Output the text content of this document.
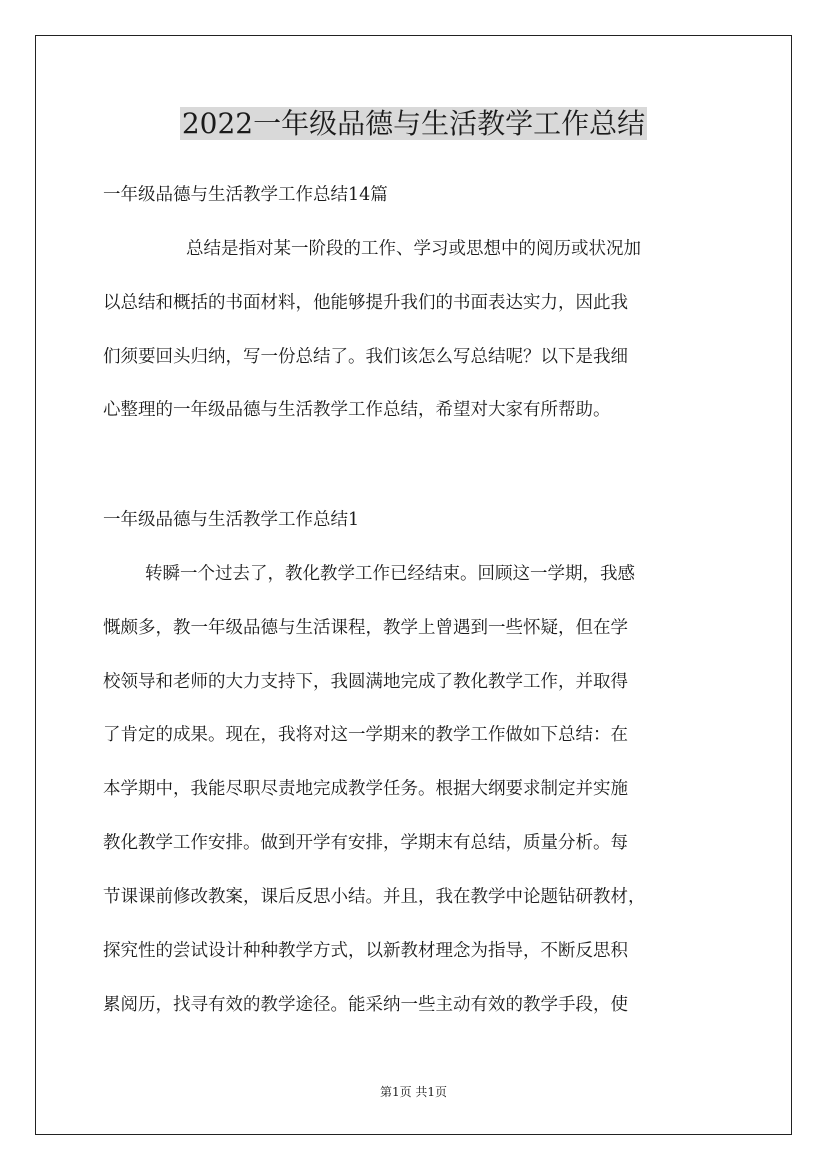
2022一年级品德与生活教学工作总结
一年级品德与生活教学工作总结14篇
总结是指对某一阶段的工作、学习或思想中的阅历或状况加
以总结和概括的书面材料，他能够提升我们的书面表达实力，因此我
们须要回头归纳，写一份总结了。我们该怎么写总结呢？以下是我细
心整理的一年级品德与生活教学工作总结，希望对大家有所帮助。
一年级品德与生活教学工作总结1
转瞬一个过去了，教化教学工作已经结束。回顾这一学期，我感
慨颇多，教一年级品德与生活课程，教学上曾遇到一些怀疑，但在学
校领导和老师的大力支持下，我圆满地完成了教化教学工作，并取得
了肯定的成果。现在，我将对这一学期来的教学工作做如下总结：在
本学期中，我能尽职尽责地完成教学任务。根据大纲要求制定并实施
教化教学工作安排。做到开学有安排，学期末有总结，质量分析。每
节课课前修改教案，课后反思小结。并且，我在教学中论题钻研教材，
探究性的尝试设计种种教学方式，以新教材理念为指导，不断反思积
累阅历，找寻有效的教学途径。能采纳一些主动有效的教学手段，使
第1页 共1页
